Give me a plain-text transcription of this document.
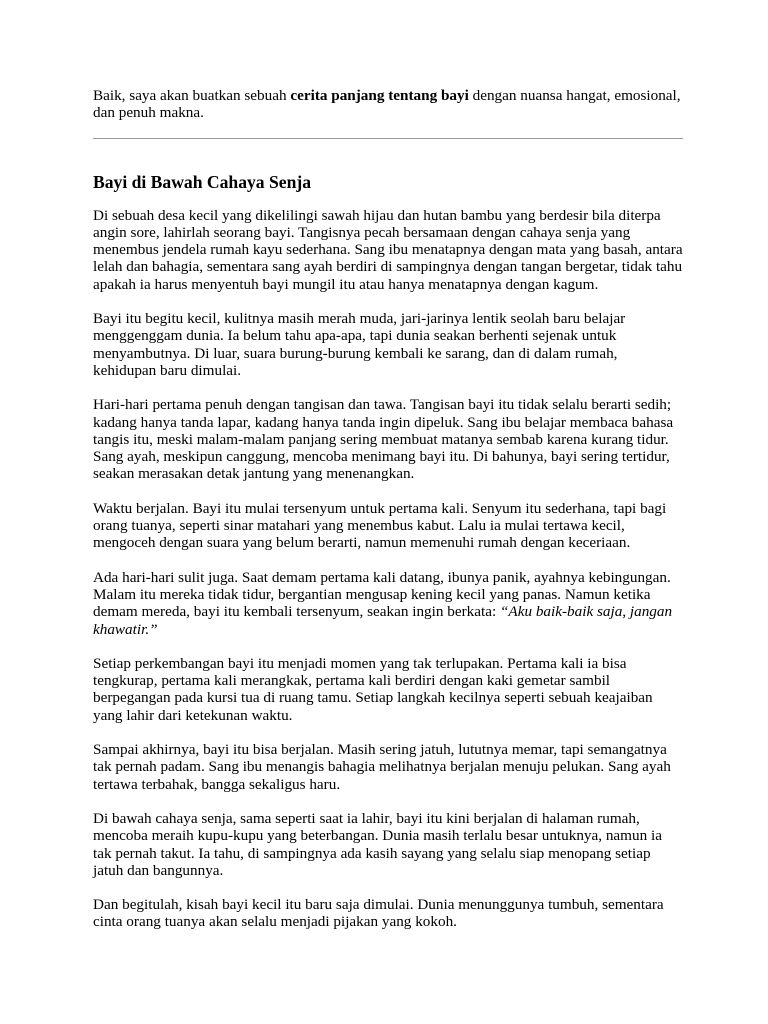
Baik, saya akan buatkan sebuah cerita panjang tentang bayi dengan nuansa hangat, emosional, dan penuh makna.

Bayi di Bawah Cahaya Senja

Di sebuah desa kecil yang dikelilingi sawah hijau dan hutan bambu yang berdesir bila diterpa angin sore, lahirlah seorang bayi. Tangisnya pecah bersamaan dengan cahaya senja yang menembus jendela rumah kayu sederhana. Sang ibu menatapnya dengan mata yang basah, antara lelah dan bahagia, sementara sang ayah berdiri di sampingnya dengan tangan bergetar, tidak tahu apakah ia harus menyentuh bayi mungil itu atau hanya menatapnya dengan kagum.

Bayi itu begitu kecil, kulitnya masih merah muda, jari-jarinya lentik seolah baru belajar menggenggam dunia. Ia belum tahu apa-apa, tapi dunia seakan berhenti sejenak untuk menyambutnya. Di luar, suara burung-burung kembali ke sarang, dan di dalam rumah, kehidupan baru dimulai.

Hari-hari pertama penuh dengan tangisan dan tawa. Tangisan bayi itu tidak selalu berarti sedih; kadang hanya tanda lapar, kadang hanya tanda ingin dipeluk. Sang ibu belajar membaca bahasa tangis itu, meski malam-malam panjang sering membuat matanya sembab karena kurang tidur. Sang ayah, meskipun canggung, mencoba menimang bayi itu. Di bahunya, bayi sering tertidur, seakan merasakan detak jantung yang menenangkan.

Waktu berjalan. Bayi itu mulai tersenyum untuk pertama kali. Senyum itu sederhana, tapi bagi orang tuanya, seperti sinar matahari yang menembus kabut. Lalu ia mulai tertawa kecil, mengoceh dengan suara yang belum berarti, namun memenuhi rumah dengan keceriaan.

Ada hari-hari sulit juga. Saat demam pertama kali datang, ibunya panik, ayahnya kebingungan. Malam itu mereka tidak tidur, bergantian mengusap kening kecil yang panas. Namun ketika demam mereda, bayi itu kembali tersenyum, seakan ingin berkata: “Aku baik-baik saja, jangan khawatir.”

Setiap perkembangan bayi itu menjadi momen yang tak terlupakan. Pertama kali ia bisa tengkurap, pertama kali merangkak, pertama kali berdiri dengan kaki gemetar sambil berpegangan pada kursi tua di ruang tamu. Setiap langkah kecilnya seperti sebuah keajaiban yang lahir dari ketekunan waktu.

Sampai akhirnya, bayi itu bisa berjalan. Masih sering jatuh, lututnya memar, tapi semangatnya tak pernah padam. Sang ibu menangis bahagia melihatnya berjalan menuju pelukan. Sang ayah tertawa terbahak, bangga sekaligus haru.

Di bawah cahaya senja, sama seperti saat ia lahir, bayi itu kini berjalan di halaman rumah, mencoba meraih kupu-kupu yang beterbangan. Dunia masih terlalu besar untuknya, namun ia tak pernah takut. Ia tahu, di sampingnya ada kasih sayang yang selalu siap menopang setiap jatuh dan bangunnya.

Dan begitulah, kisah bayi kecil itu baru saja dimulai. Dunia menunggunya tumbuh, sementara cinta orang tuanya akan selalu menjadi pijakan yang kokoh.
